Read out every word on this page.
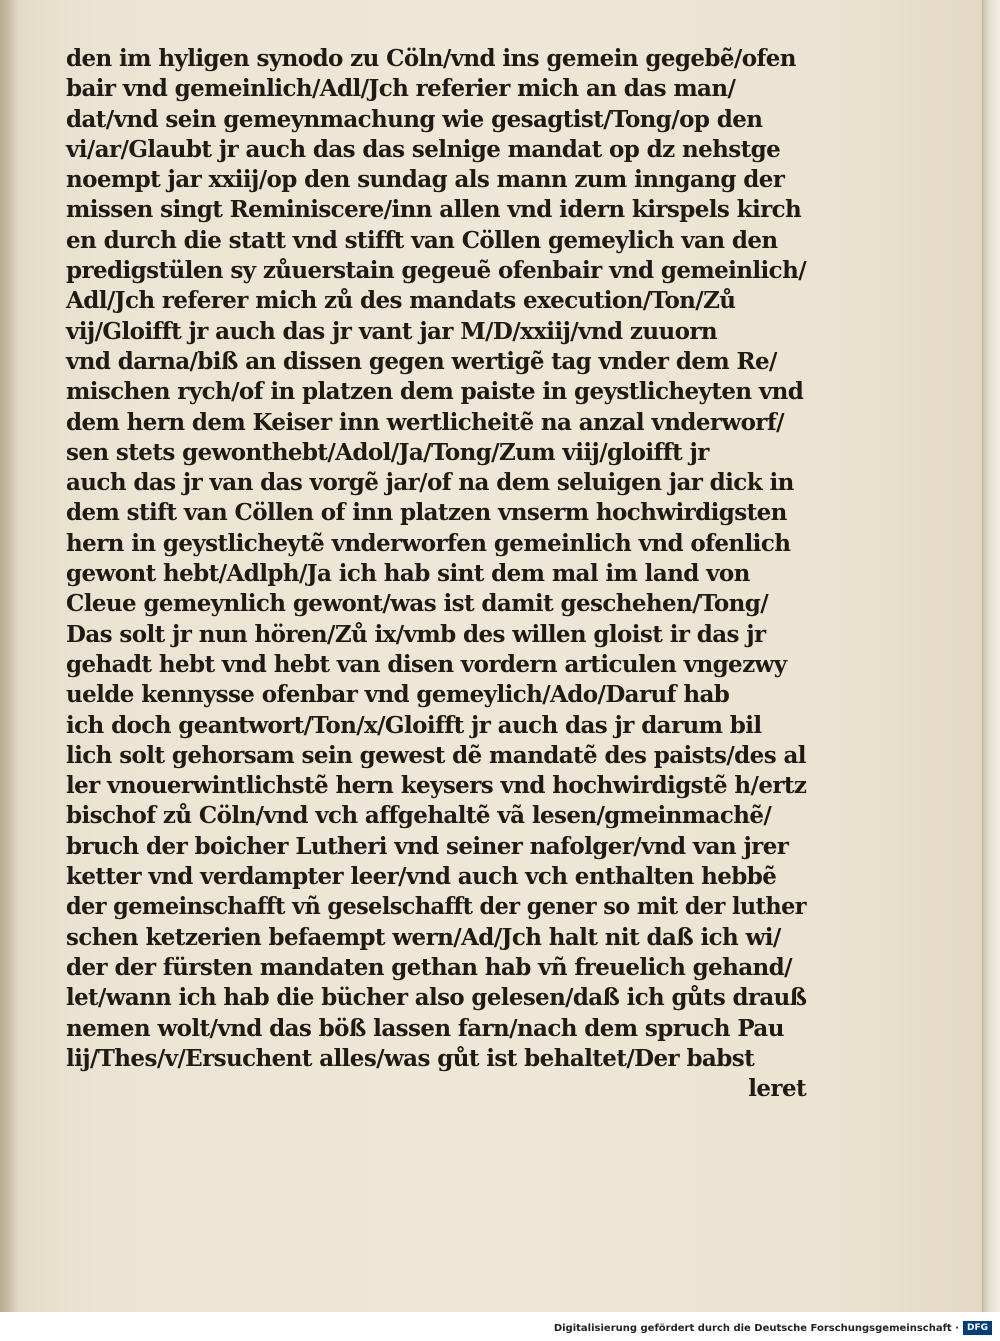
den im hyligen synodo zu Cöln/vnd ins gemein gegebẽ/ofen
bair vnd gemeinlich/Adl/Jch referier mich an das man/
dat/vnd sein gemeynmachung wie gesagtist/Tong/op den
vi/ar/Glaubt jr auch das das selnige mandat op dz nehstge
noempt jar xxiij/op den sundag als mann zum inngang der
missen singt Reminiscere/inn allen vnd idern kirspels kirch
en durch die statt vnd stifft van Cöllen gemeylich van den
predigstülen sy zůuerstain gegeuẽ ofenbair vnd gemeinlich/
Adl/Jch referer mich zů des mandats execution/Ton/Zů
vij/Gloifft jr auch das jr vant jar M/D/xxiij/vnd zuuorn
vnd darna/biß an dissen gegen wertigẽ tag vnder dem Re/
mischen rych/of in platzen dem paiste in geystlicheyten vnd
dem hern dem Keiser inn wertlicheitẽ na anzal vnderworf/
sen stets gewonthebt/Adol/Ja/Tong/Zum viij/gloifft jr
auch das jr van das vorgẽ jar/of na dem seluigen jar dick in
dem stift van Cöllen of inn platzen vnserm hochwirdigsten
hern in geystlicheytẽ vnderworfen gemeinlich vnd ofenlich
gewont hebt/Adlph/Ja ich hab sint dem mal im land von
Cleue gemeynlich gewont/was ist damit geschehen/Tong/
Das solt jr nun hören/Zů ix/vmb des willen gloist ir das jr
gehadt hebt vnd hebt van disen vordern articulen vngezwy
uelde kennysse ofenbar vnd gemeylich/Ado/Daruf hab
ich doch geantwort/Ton/x/Gloifft jr auch das jr darum bil
lich solt gehorsam sein gewest dẽ mandatẽ des paists/des al
ler vnouerwintlichstẽ hern keysers vnd hochwirdigstẽ h/ertz
bischof zů Cöln/vnd vch affgehaltẽ vã lesen/gmeinmachẽ/
bruch der boicher Lutheri vnd seiner nafolger/vnd van jrer
ketter vnd verdampter leer/vnd auch vch enthalten hebbẽ
der gemeinschafft vñ geselschafft der gener so mit der luther
schen ketzerien befaempt wern/Ad/Jch halt nit daß ich wi/
der der fürsten mandaten gethan hab vñ freuelich gehand/
let/wann ich hab die bücher also gelesen/daß ich gůts drauß
nemen wolt/vnd das böß lassen farn/nach dem spruch Pau
lij/Thes/v/Ersuchent alles/was gůt ist behaltet/Der babst
leret
Digitalisierung gefördert durch die Deutsche Forschungsgemeinschaft · DFG
